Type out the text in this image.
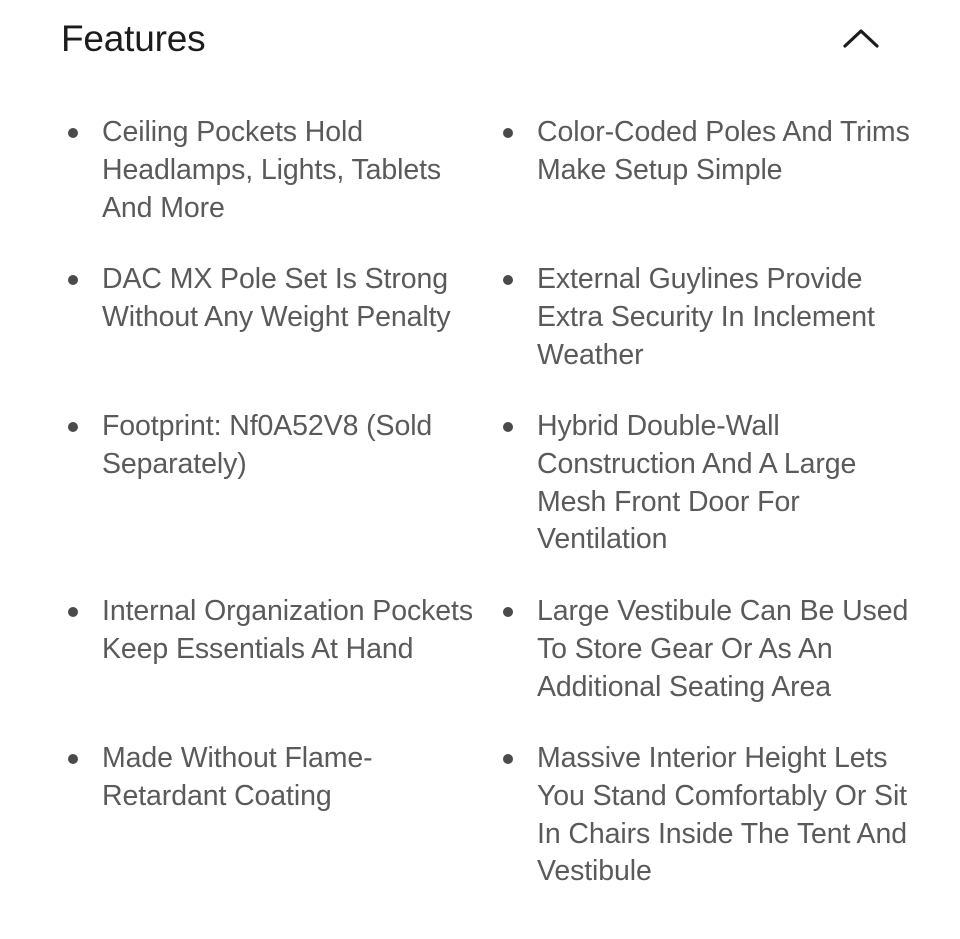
Features
Ceiling Pockets Hold Headlamps, Lights, Tablets And More
Color-Coded Poles And Trims Make Setup Simple
DAC MX Pole Set Is Strong Without Any Weight Penalty
External Guylines Provide Extra Security In Inclement Weather
Footprint: Nf0A52V8 (Sold Separately)
Hybrid Double-Wall Construction And A Large Mesh Front Door For Ventilation
Internal Organization Pockets Keep Essentials At Hand
Large Vestibule Can Be Used To Store Gear Or As An Additional Seating Area
Made Without Flame-Retardant Coating
Massive Interior Height Lets You Stand Comfortably Or Sit In Chairs Inside The Tent And Vestibule
